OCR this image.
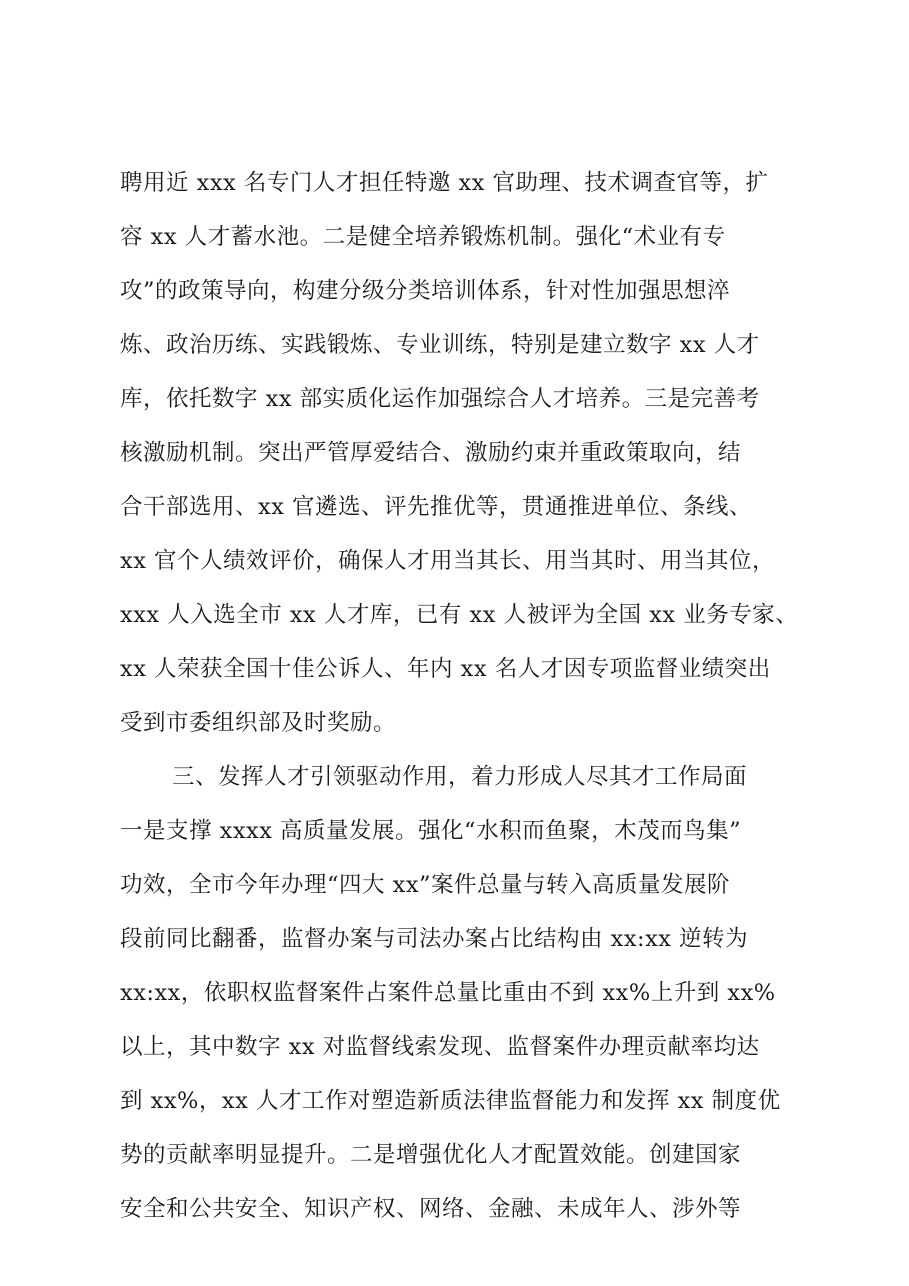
聘用近 xxx 名专门人才担任特邀 xx 官助理、技术调查官等，扩
容 xx 人才蓄水池。二是健全培养锻炼机制。强化“术业有专
攻”的政策导向，构建分级分类培训体系，针对性加强思想淬
炼、政治历练、实践锻炼、专业训练，特别是建立数字 xx 人才
库，依托数字 xx 部实质化运作加强综合人才培养。三是完善考
核激励机制。突出严管厚爱结合、激励约束并重政策取向，结
合干部选用、xx 官遴选、评先推优等，贯通推进单位、条线、
xx 官个人绩效评价，确保人才用当其长、用当其时、用当其位，
xxx 人入选全市 xx 人才库，已有 xx 人被评为全国 xx 业务专家、
xx 人荣获全国十佳公诉人、年内 xx 名人才因专项监督业绩突出
受到市委组织部及时奖励。
三、发挥人才引领驱动作用，着力形成人尽其才工作局面
一是支撑 xxxx 高质量发展。强化“水积而鱼聚，木茂而鸟集”
功效，全市今年办理“四大 xx”案件总量与转入高质量发展阶
段前同比翻番，监督办案与司法办案占比结构由 xx:xx 逆转为
xx:xx，依职权监督案件占案件总量比重由不到 xx%上升到 xx%
以上，其中数字 xx 对监督线索发现、监督案件办理贡献率均达
到 xx%，xx 人才工作对塑造新质法律监督能力和发挥 xx 制度优
势的贡献率明显提升。二是增强优化人才配置效能。创建国家
安全和公共安全、知识产权、网络、金融、未成年人、涉外等
